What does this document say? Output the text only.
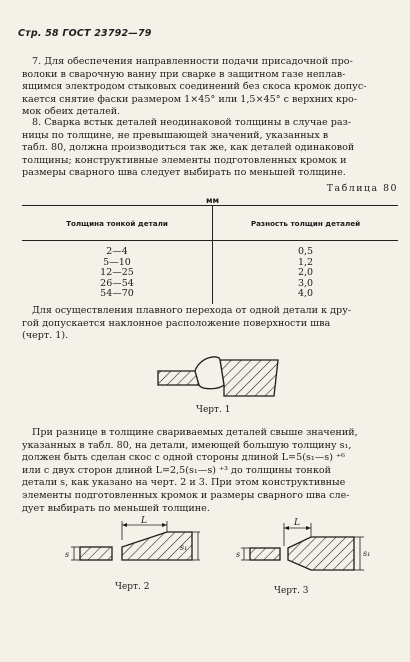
Стр. 58 ГОСТ 23792—79
7. Для обеспечения направленности подачи присадочной про-
волоки в сварочную ванну при сварке в защитном газе неплав-
ящимся электродом стыковых соединений без скоса кромок допус-
кается снятие фаски размером 1×45° или 1,5×45° с верхних кро-
мок обеих деталей.
8. Сварка встык деталей неодинаковой толщины в случае раз-
ницы по толщине, не превышающей значений, указанных в
табл. 80, должна производиться так же, как деталей одинаковой
толщины; конструктивные элементы подготовленных кромок и
размеры сварного шва следует выбирать по меньшей толщине.
Таблица 80
мм
Толщина тонкой детали	Разность толщин деталей
2—4	0,5
5—10	1,2
12—25	2,0
26—54	3,0
54—70	4,0
Для осуществления плавного перехода от одной детали к дру-
гой допускается наклонное расположение поверхности шва
(черт. 1).
Черт. 1
При разнице в толщине свариваемых деталей свыше значений,
указанных в табл. 80, на детали, имеющей большую толщину s₁,
должен быть сделан скос с одной стороны длиной L=5(s₁—s) ⁺⁶
или с двух сторон длиной L=2,5(s₁—s) ⁺³ до толщины тонкой
детали s, как указано на черт. 2 и 3. При этом конструктивные
элементы подготовленных кромок и размеры сварного шва сле-
дует выбирать по меньшей толщине.
L
s
s₁
Черт. 2
L
s	s₁
Черт. 3
